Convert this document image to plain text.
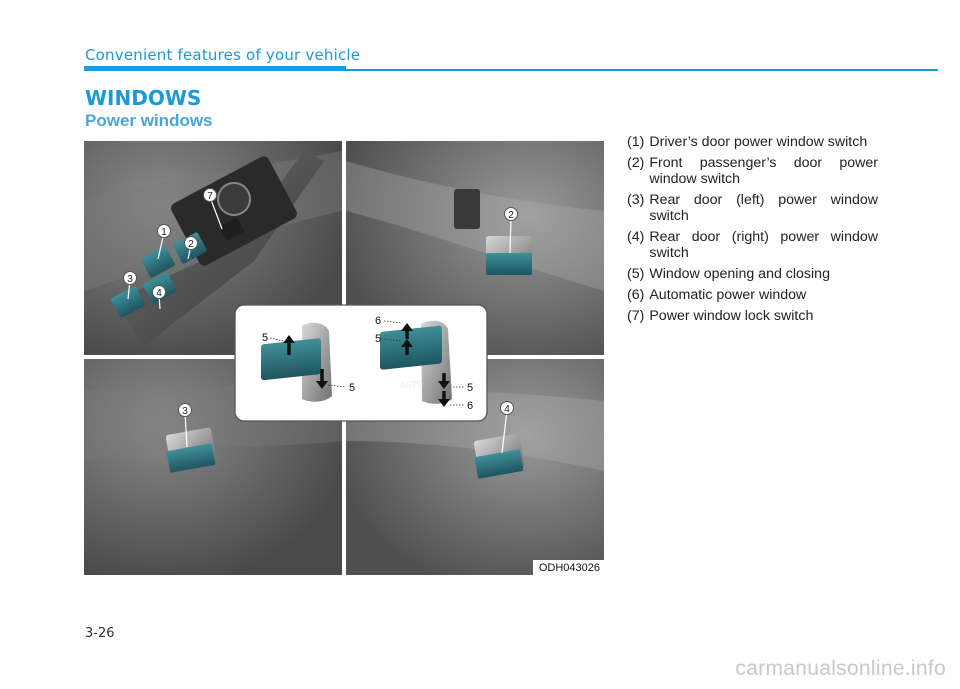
Convenient features of your vehicle
WINDOWS
Power windows
1
2
3
4
7
2
3	4
5
5	AUTO
6
5
5
6
ODH043026
(1) Driver’s door power window switch
(2) Front passenger’s door power window switch
(3) Rear door (left) power window switch
(4) Rear door (right) power window switch
(5) Window opening and closing
(6) Automatic power window
(7) Power window lock switch
3-26
carmanualsonline.info
